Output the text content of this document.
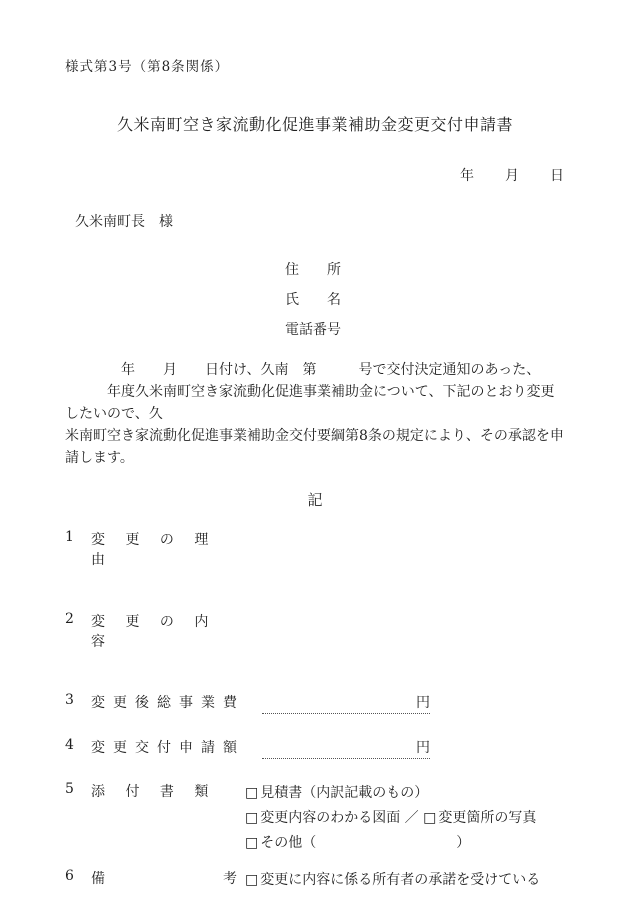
様式第3号（第8条関係）
久米南町空き家流動化促進事業補助金変更交付申請書
年　　月　　日
久米南町長　様
住　　所
氏　　名
電話番号
　　　　年　　月　　日付け、久南　第　　　号で交付決定通知のあった、
　　　年度久米南町空き家流動化促進事業補助金について、下記のとおり変更したいので、久
米南町空き家流動化促進事業補助金交付要綱第8条の規定により、その承認を申請します。
記
1	変 更 の 理 由
2	変 更 の 内 容
3	変更後総事業費	円
4	変更交付申請額	円
5	添 付 書 類 □ 見積書（内訳記載のもの）
□ 変更内容のわかる図面 ／ □ 変更箇所の写真
□ その他（　　　　　　　　　　）
6	備　　　　　考 □ 変更に内容に係る所有者の承諾を受けている
